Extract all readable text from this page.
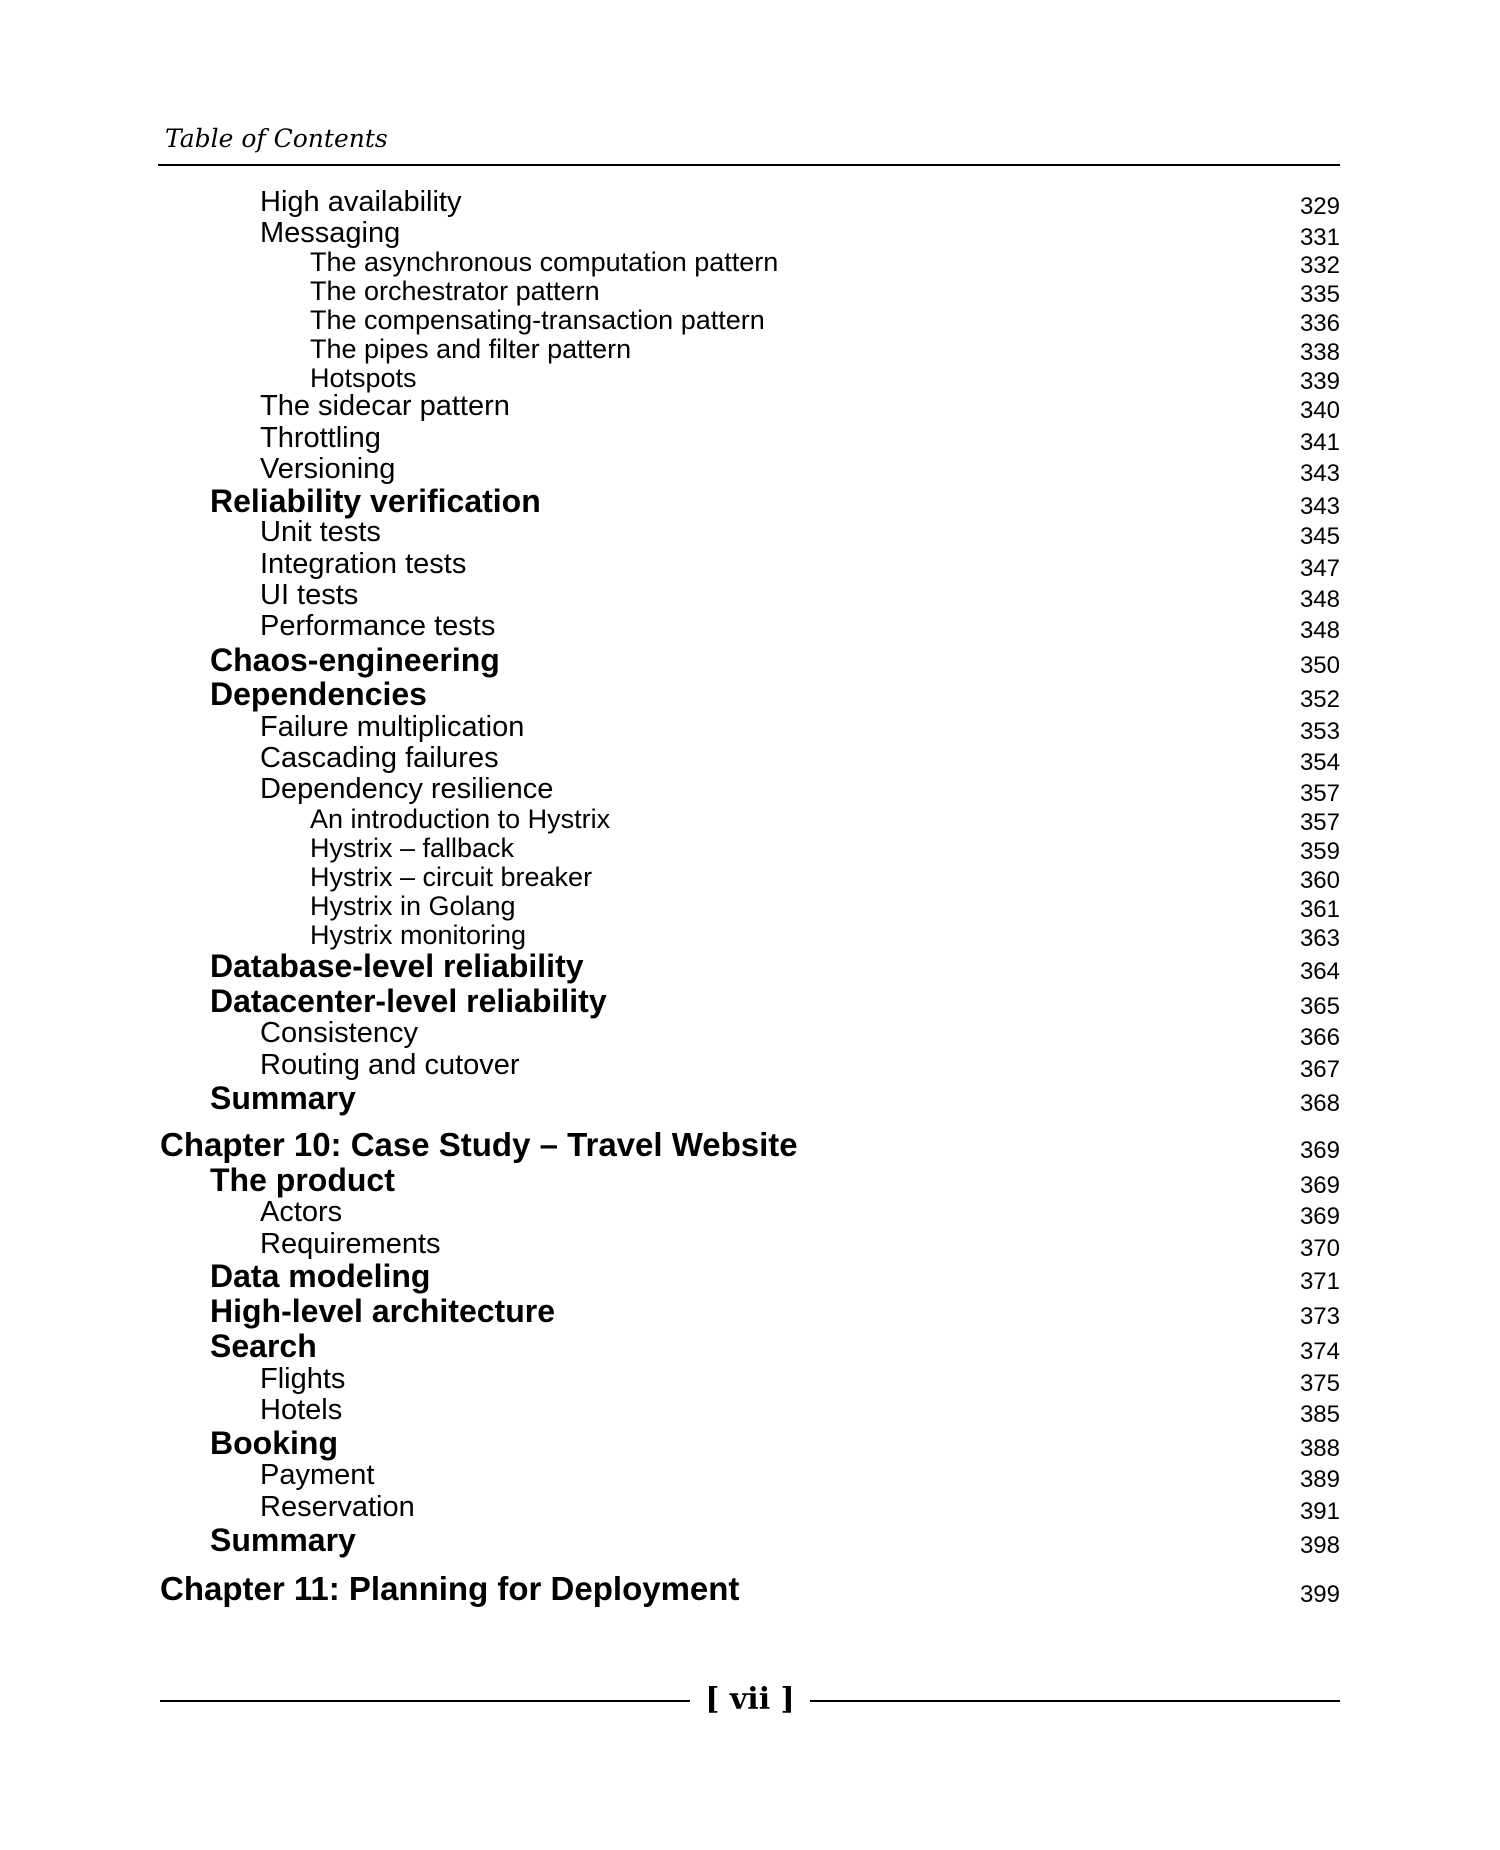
Table of Contents
High availability	329
Messaging	331
The asynchronous computation pattern	332
The orchestrator pattern	335
The compensating-transaction pattern	336
The pipes and filter pattern	338
Hotspots	339
The sidecar pattern	340
Throttling	341
Versioning	343
Reliability verification	343
Unit tests	345
Integration tests	347
UI tests	348
Performance tests	348
Chaos-engineering	350
Dependencies	352
Failure multiplication	353
Cascading failures	354
Dependency resilience	357
An introduction to Hystrix	357
Hystrix – fallback	359
Hystrix – circuit breaker	360
Hystrix in Golang	361
Hystrix monitoring	363
Database-level reliability	364
Datacenter-level reliability	365
Consistency	366
Routing and cutover	367
Summary	368
Chapter 10: Case Study – Travel Website	369
The product	369
Actors	369
Requirements	370
Data modeling	371
High-level architecture	373
Search	374
Flights	375
Hotels	385
Booking	388
Payment	389
Reservation	391
Summary	398
Chapter 11: Planning for Deployment	399
[ vii ]
